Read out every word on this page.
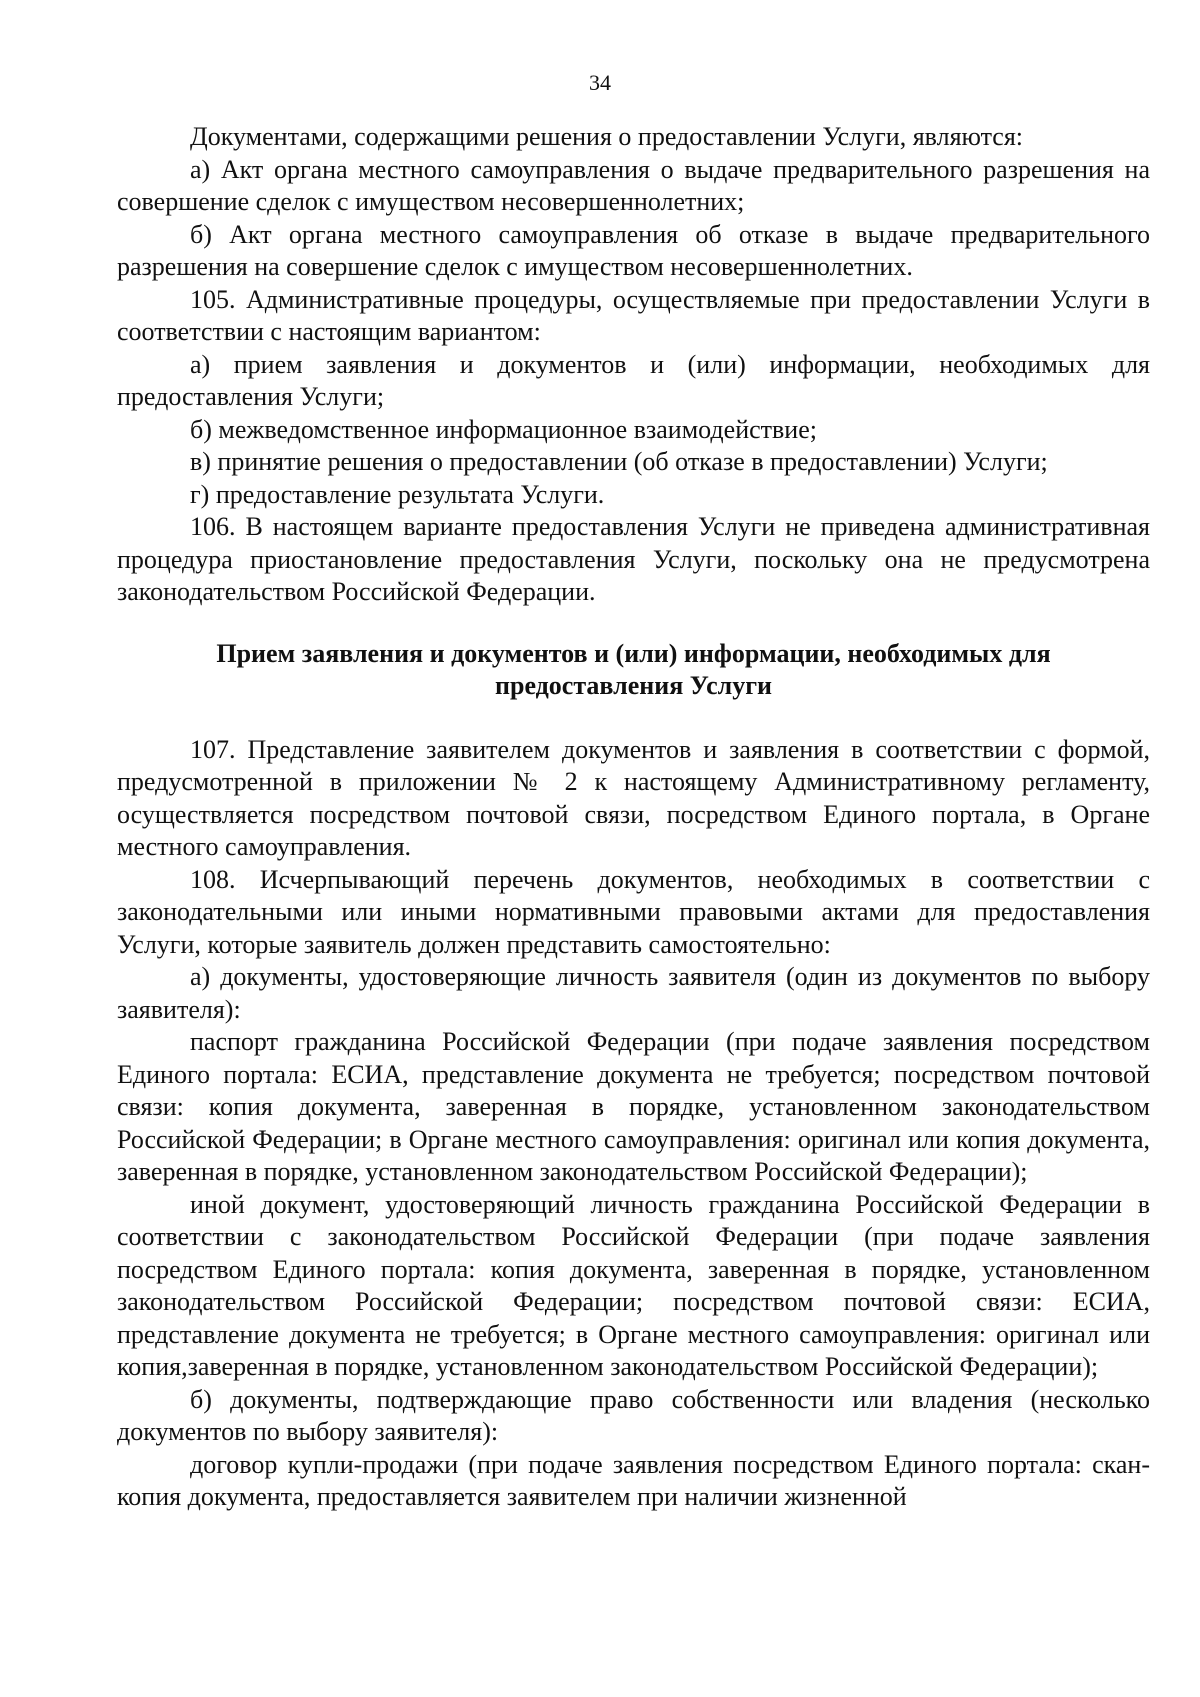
34

Документами, содержащими решения о предоставлении Услуги, являются:

а) Акт органа местного самоуправления о выдаче предварительного разрешения на совершение сделок с имуществом несовершеннолетних;

б) Акт органа местного самоуправления об отказе в выдаче предварительного разрешения на совершение сделок с имуществом несовершеннолетних.

105. Административные процедуры, осуществляемые при предоставлении Услуги в соответствии с настоящим вариантом:

а) прием заявления и документов и (или) информации, необходимых для предоставления Услуги;

б) межведомственное информационное взаимодействие;

в) принятие решения о предоставлении (об отказе в предоставлении) Услуги;

г) предоставление результата Услуги.

106. В настоящем варианте предоставления Услуги не приведена административная процедура приостановление предоставления Услуги, поскольку она не предусмотрена законодательством Российской Федерации.

Прием заявления и документов и (или) информации, необходимых для
предоставления Услуги

107. Представление заявителем документов и заявления в соответствии с формой, предусмотренной в приложении № 2 к настоящему Административному регламенту, осуществляется посредством почтовой связи, посредством Единого портала, в Органе местного самоуправления.

108. Исчерпывающий перечень документов, необходимых в соответствии с законодательными или иными нормативными правовыми актами для предоставления Услуги, которые заявитель должен представить самостоятельно:

а) документы, удостоверяющие личность заявителя (один из документов по выбору заявителя):

паспорт гражданина Российской Федерации (при подаче заявления посредством Единого портала: ЕСИА, представление документа не требуется; посредством почтовой связи: копия документа, заверенная в порядке, установленном законодательством Российской Федерации; в Органе местного самоуправления: оригинал или копия документа, заверенная в порядке, установленном законодательством Российской Федерации);

иной документ, удостоверяющий личность гражданина Российской Федерации в соответствии с законодательством Российской Федерации (при подаче заявления посредством Единого портала: копия документа, заверенная в порядке, установленном законодательством Российской Федерации; посредством почтовой связи: ЕСИА, представление документа не требуется; в Органе местного самоуправления: оригинал или копия,заверенная в порядке, установленном законодательством Российской Федерации);

б) документы, подтверждающие право собственности или владения (несколько документов по выбору заявителя):

договор купли-продажи (при подаче заявления посредством Единого портала: скан-копия документа, предоставляется заявителем при наличии жизненной
